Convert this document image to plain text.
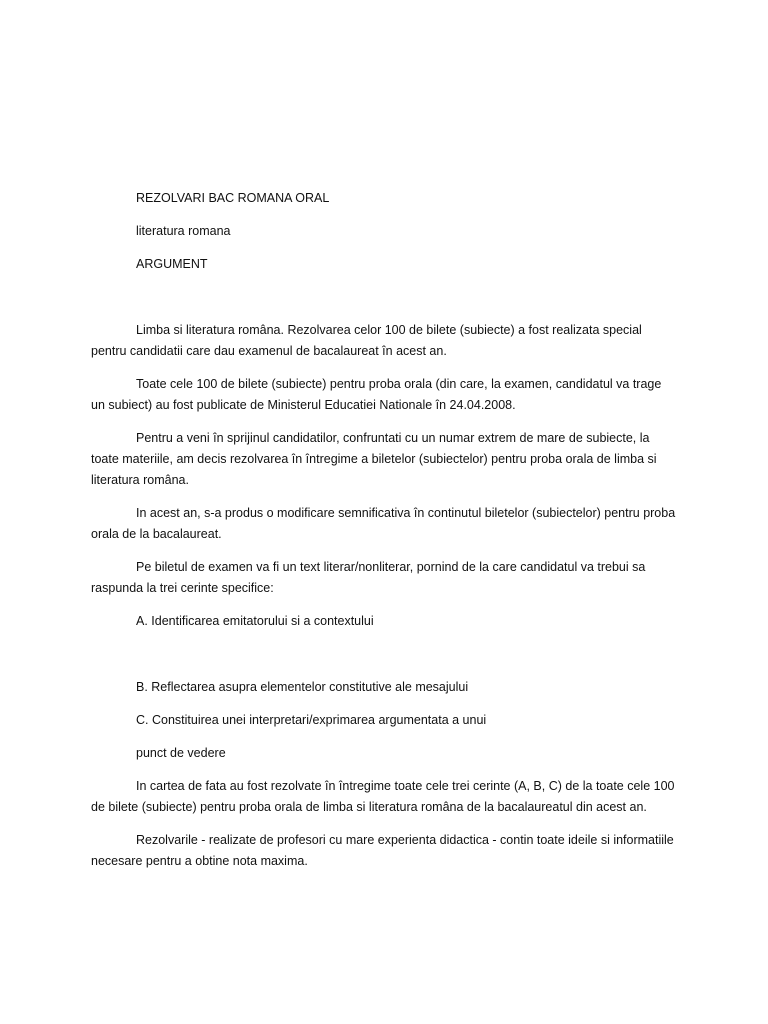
REZOLVARI BAC ROMANA ORAL

literatura romana

ARGUMENT

Limba si literatura româna. Rezolvarea celor 100 de bilete (subiecte) a fost realizata special pentru candidatii care dau examenul de bacalaureat în acest an.

Toate cele 100 de bilete (subiecte) pentru proba orala (din care, la examen, candidatul va trage un subiect) au fost publicate de Ministerul Educatiei Nationale în 24.04.2008.

Pentru a veni în sprijinul candidatilor, confruntati cu un numar extrem de mare de subiecte, la toate materiile, am decis rezolvarea în întregime a biletelor (subiectelor) pentru proba orala de limba si literatura româna.

In acest an, s-a produs o modificare semnificativa în continutul biletelor (subiectelor) pentru proba orala de la bacalaureat.

Pe biletul de examen va fi un text literar/nonliterar, pornind de la care candidatul va trebui sa raspunda la trei cerinte specifice:

A. Identificarea emitatorului si a contextului

B. Reflectarea asupra elementelor constitutive ale mesajului

C. Constituirea unei interpretari/exprimarea argumentata a unui

punct de vedere

In cartea de fata au fost rezolvate în întregime toate cele trei cerinte (A, B, C) de la toate cele 100 de bilete (subiecte) pentru proba orala de limba si literatura româna de la bacalaureatul din acest an.

Rezolvarile - realizate de profesori cu mare experienta didactica - contin toate ideile si informatiile necesare pentru a obtine nota maxima.
